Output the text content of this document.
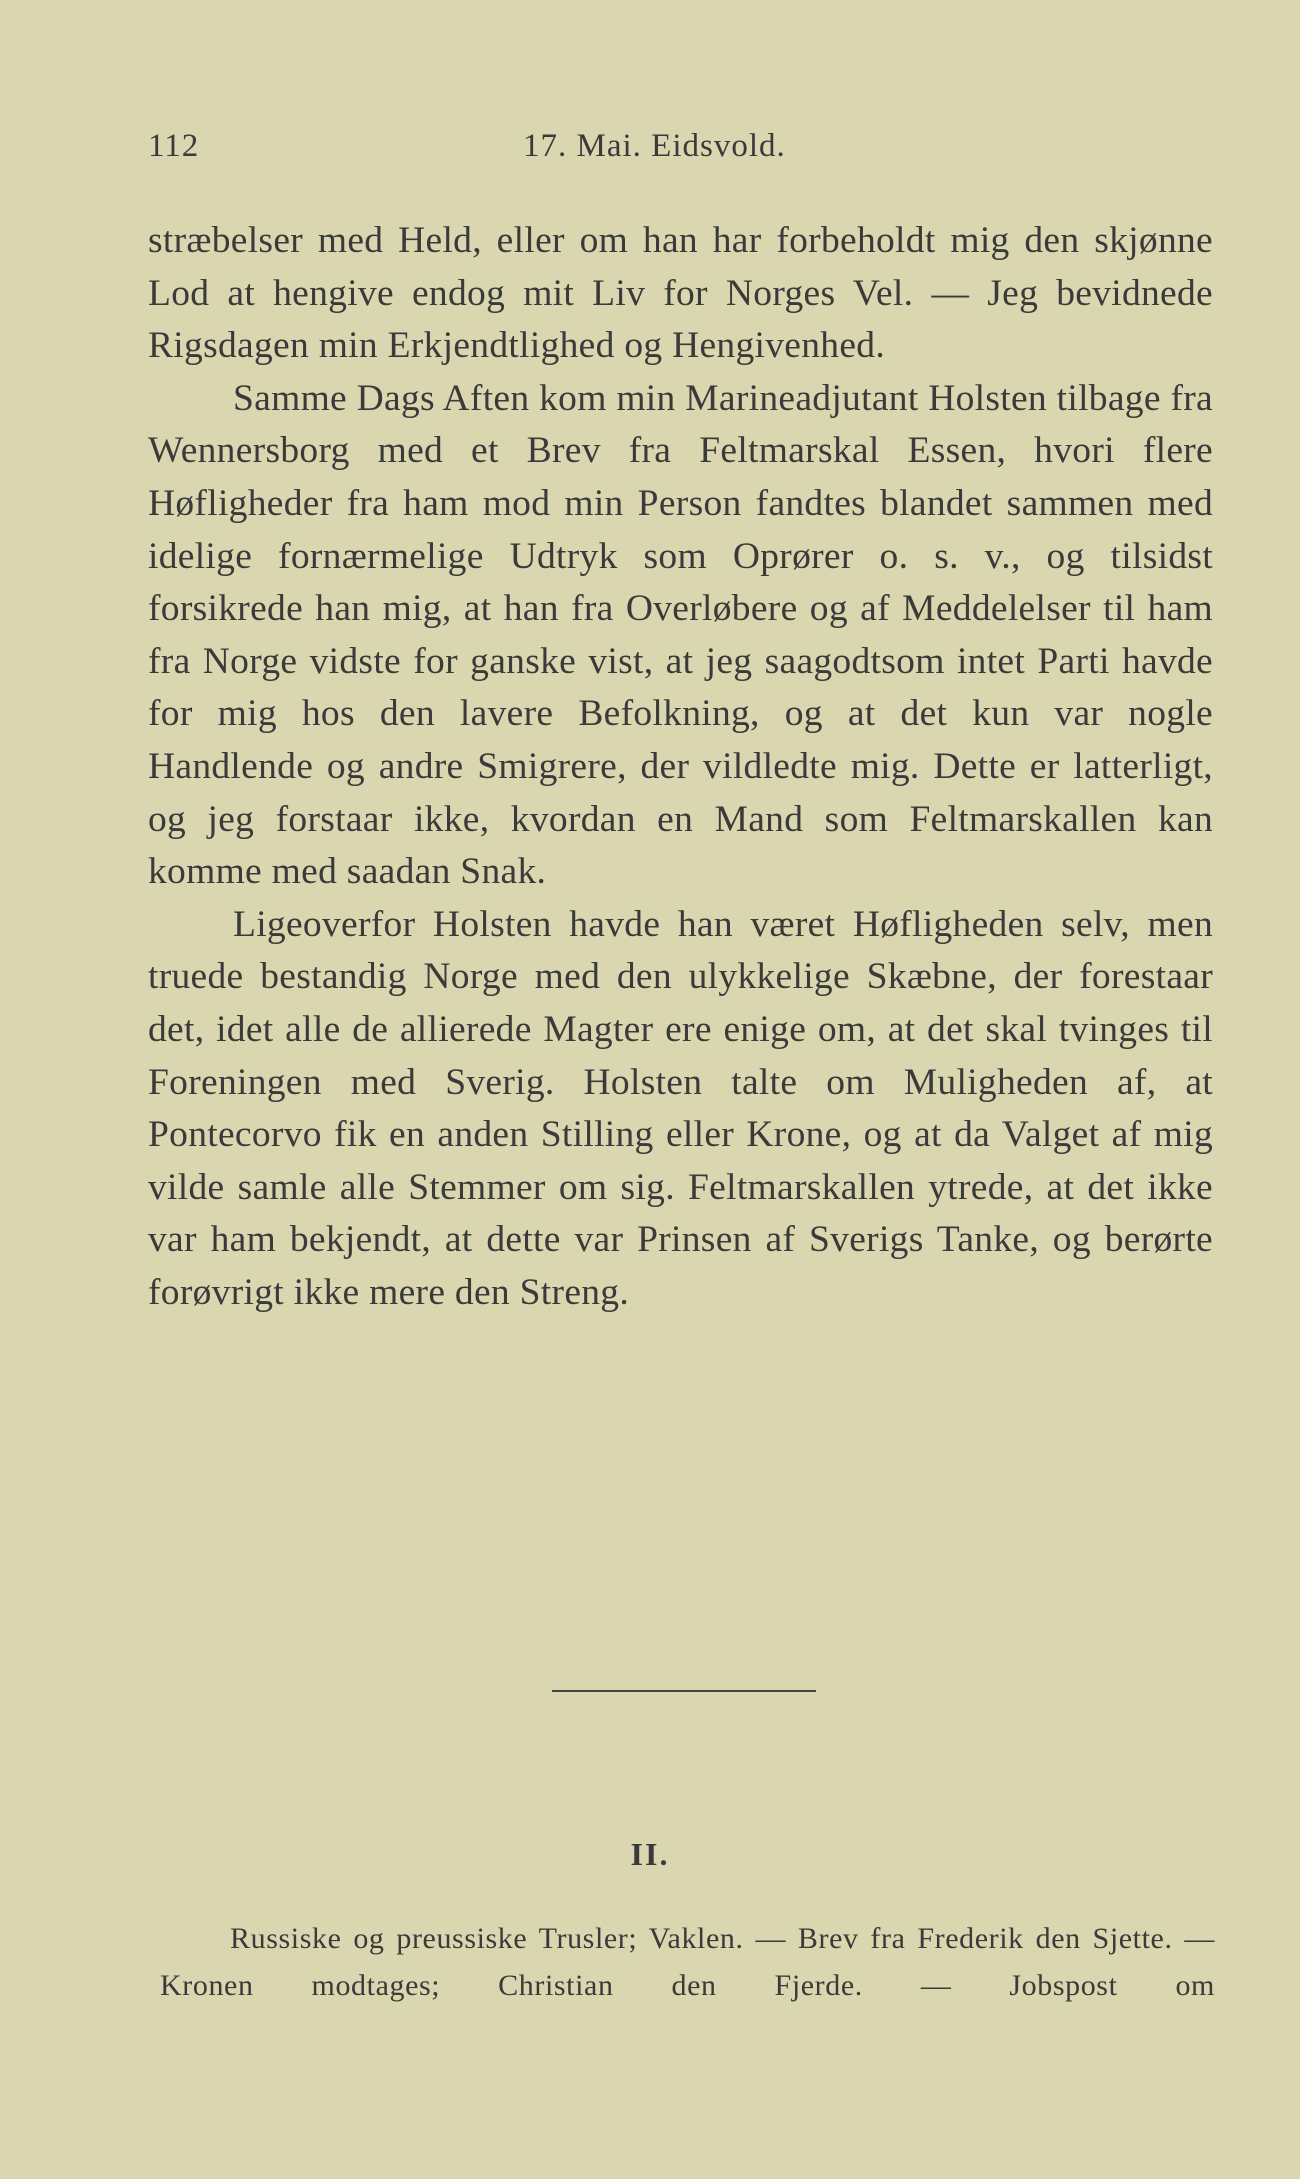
112	17. Mai. Eidsvold.

stræbelser med Held, eller om han har forbeholdt mig den skjønne Lod at hengive endog mit Liv for Norges Vel. — Jeg bevidnede Rigsdagen min Erkjendtlighed og Hengivenhed.

Samme Dags Aften kom min Marineadjutant Holsten tilbage fra Wennersborg med et Brev fra Feltmarskal Essen, hvori flere Høfligheder fra ham mod min Person fandtes blandet sammen med idelige fornærmelige Udtryk som Oprører o. s. v., og tilsidst forsikrede han mig, at han fra Overløbere og af Meddelelser til ham fra Norge vidste for ganske vist, at jeg saagodtsom intet Parti havde for mig hos den lavere Befolkning, og at det kun var nogle Handlende og andre Smigrere, der vildledte mig. Dette er latterligt, og jeg forstaar ikke, kvordan en Mand som Feltmarskallen kan komme med saadan Snak.

Ligeoverfor Holsten havde han været Høfligheden selv, men truede bestandig Norge med den ulykkelige Skæbne, der forestaar det, idet alle de allierede Magter ere enige om, at det skal tvinges til Foreningen med Sverig. Holsten talte om Muligheden af, at Pontecorvo fik en anden Stilling eller Krone, og at da Valget af mig vilde samle alle Stemmer om sig. Feltmarskallen ytrede, at det ikke var ham bekjendt, at dette var Prinsen af Sverigs Tanke, og berørte forøvrigt ikke mere den Streng.

II.

Russiske og preussiske Trusler; Vaklen. — Brev fra Frederik den Sjette. — Kronen modtages; Christian den Fjerde. — Jobspost om
